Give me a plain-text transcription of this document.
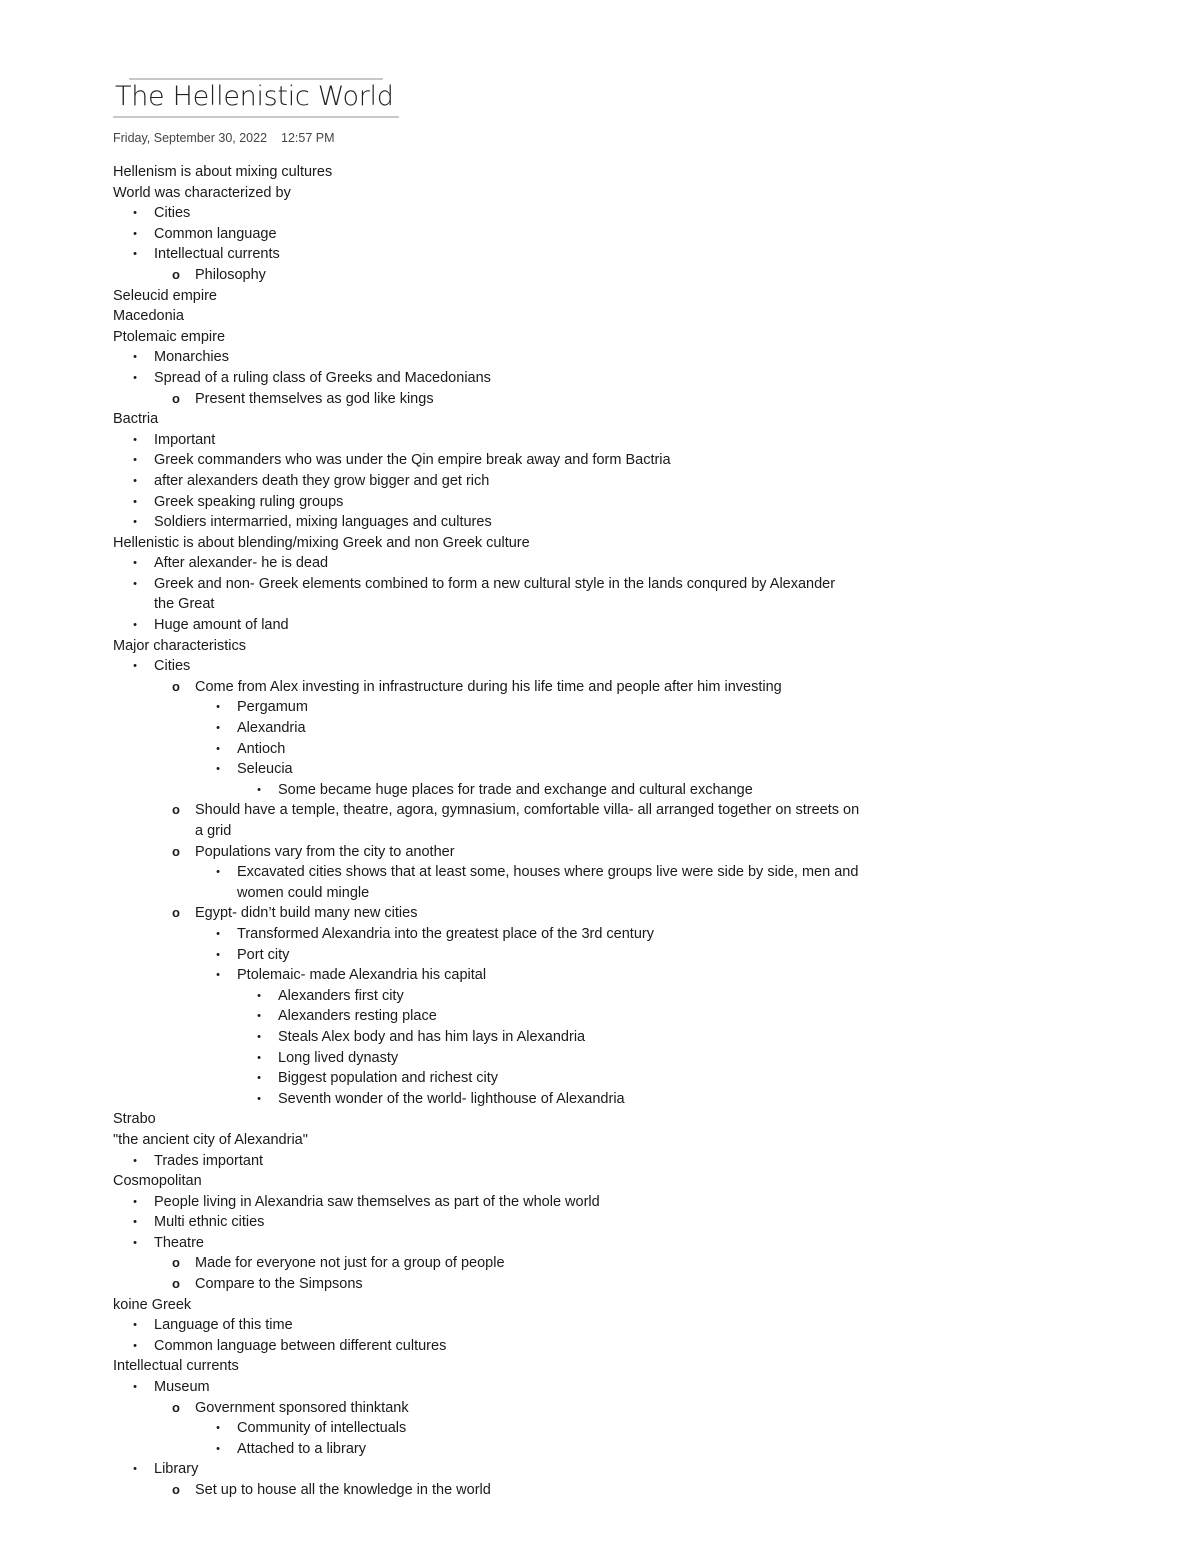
The Hellenistic World
Friday, September 30, 2022 12:57 PM
Hellenism is about mixing cultures
World was characterized by
•	Cities
•	Common language
•	Intellectual currents
o Philosophy
Seleucid empire
Macedonia
Ptolemaic empire
•	Monarchies
•	Spread of a ruling class of Greeks and Macedonians
o Present themselves as god like kings
Bactria
•	Important
•	Greek commanders who was under the Qin empire break away and form Bactria
•	after alexanders death they grow bigger and get rich
•	Greek speaking ruling groups
•	Soldiers intermarried, mixing languages and cultures
Hellenistic is about blending/mixing Greek and non Greek culture
•	After alexander- he is dead
•	Greek and non- Greek elements combined to form a new cultural style in the lands conqured by Alexander
the Great
•	Huge amount of land
Major characteristics
•	Cities
o Come from Alex investing in infrastructure during his life time and people after him investing
•	Pergamum
•	Alexandria
•	Antioch
•	Seleucia
•	Some became huge places for trade and exchange and cultural exchange
o Should have a temple, theatre, agora, gymnasium, comfortable villa- all arranged together on streets on
a grid
o Populations vary from the city to another
•	Excavated cities shows that at least some, houses where groups live were side by side, men and
women could mingle
o Egypt- didn’t build many new cities
•	Transformed Alexandria into the greatest place of the 3rd century
•	Port city
•	Ptolemaic- made Alexandria his capital
•	Alexanders first city
•	Alexanders resting place
•	Steals Alex body and has him lays in Alexandria
•	Long lived dynasty
•	Biggest population and richest city
•	Seventh wonder of the world- lighthouse of Alexandria
Strabo
"the ancient city of Alexandria"
•	Trades important
Cosmopolitan
•	People living in Alexandria saw themselves as part of the whole world
•	Multi ethnic cities
•	Theatre
o Made for everyone not just for a group of people
o Compare to the Simpsons
koine Greek
•	Language of this time
•	Common language between different cultures
Intellectual currents
•	Museum
o Government sponsored thinktank
•	Community of intellectuals
•	Attached to a library
•	Library
o Set up to house all the knowledge in the world
